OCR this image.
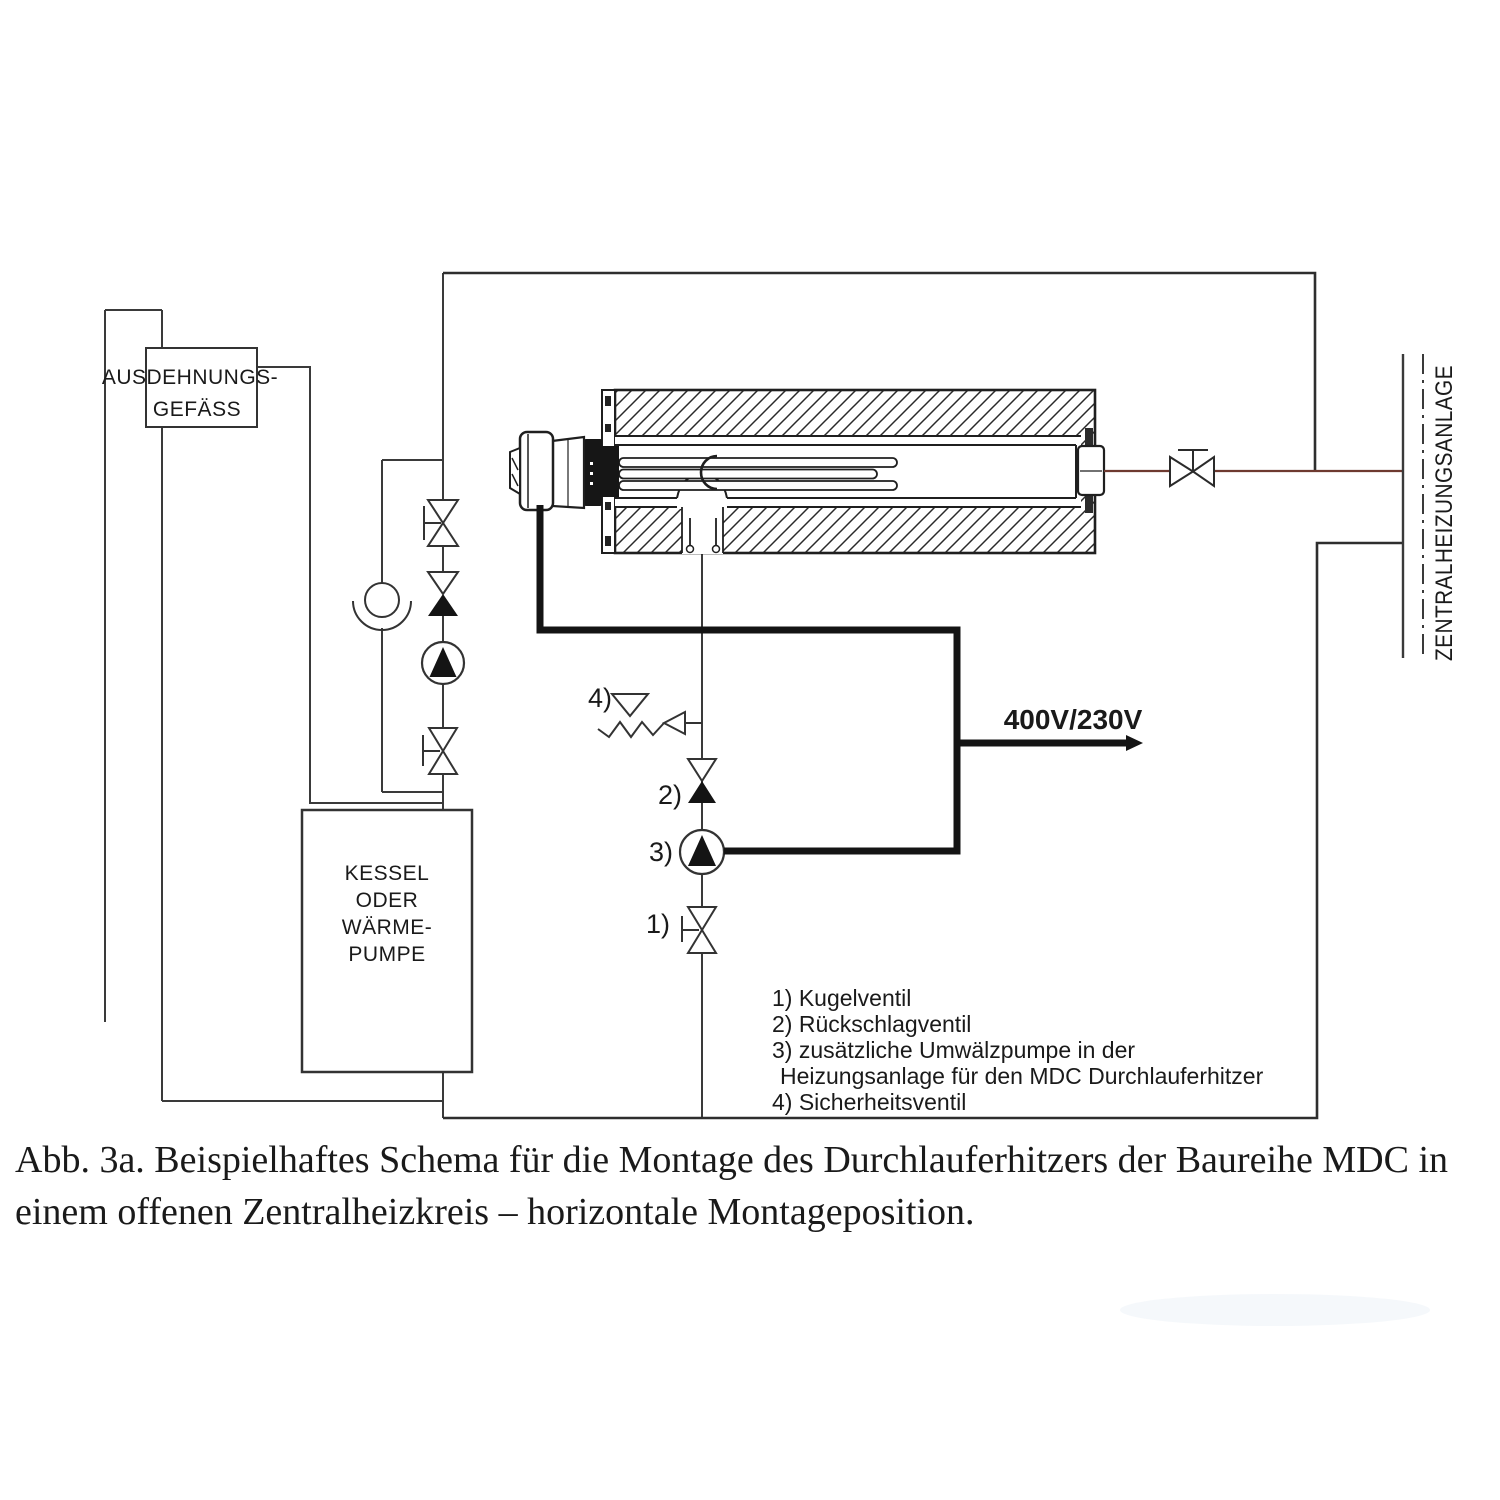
AUSDEHNUNGS-
GEFÄSS
KESSEL
ODER
WÄRME-
PUMPE
ZENTRALHEIZUNGSANLAGE
400V/230V
4)
2)
3)
1)
1) Kugelventil
2) Rückschlagventil
3) zusätzliche Umwälzpumpe in der
Heizungsanlage für den MDC Durchlauferhitzer
4) Sicherheitsventil
Abb. 3a. Beispielhaftes Schema für die Montage des Durchlauferhitzers der Baureihe MDC in
einem offenen Zentralheizkreis – horizontale Montageposition.
